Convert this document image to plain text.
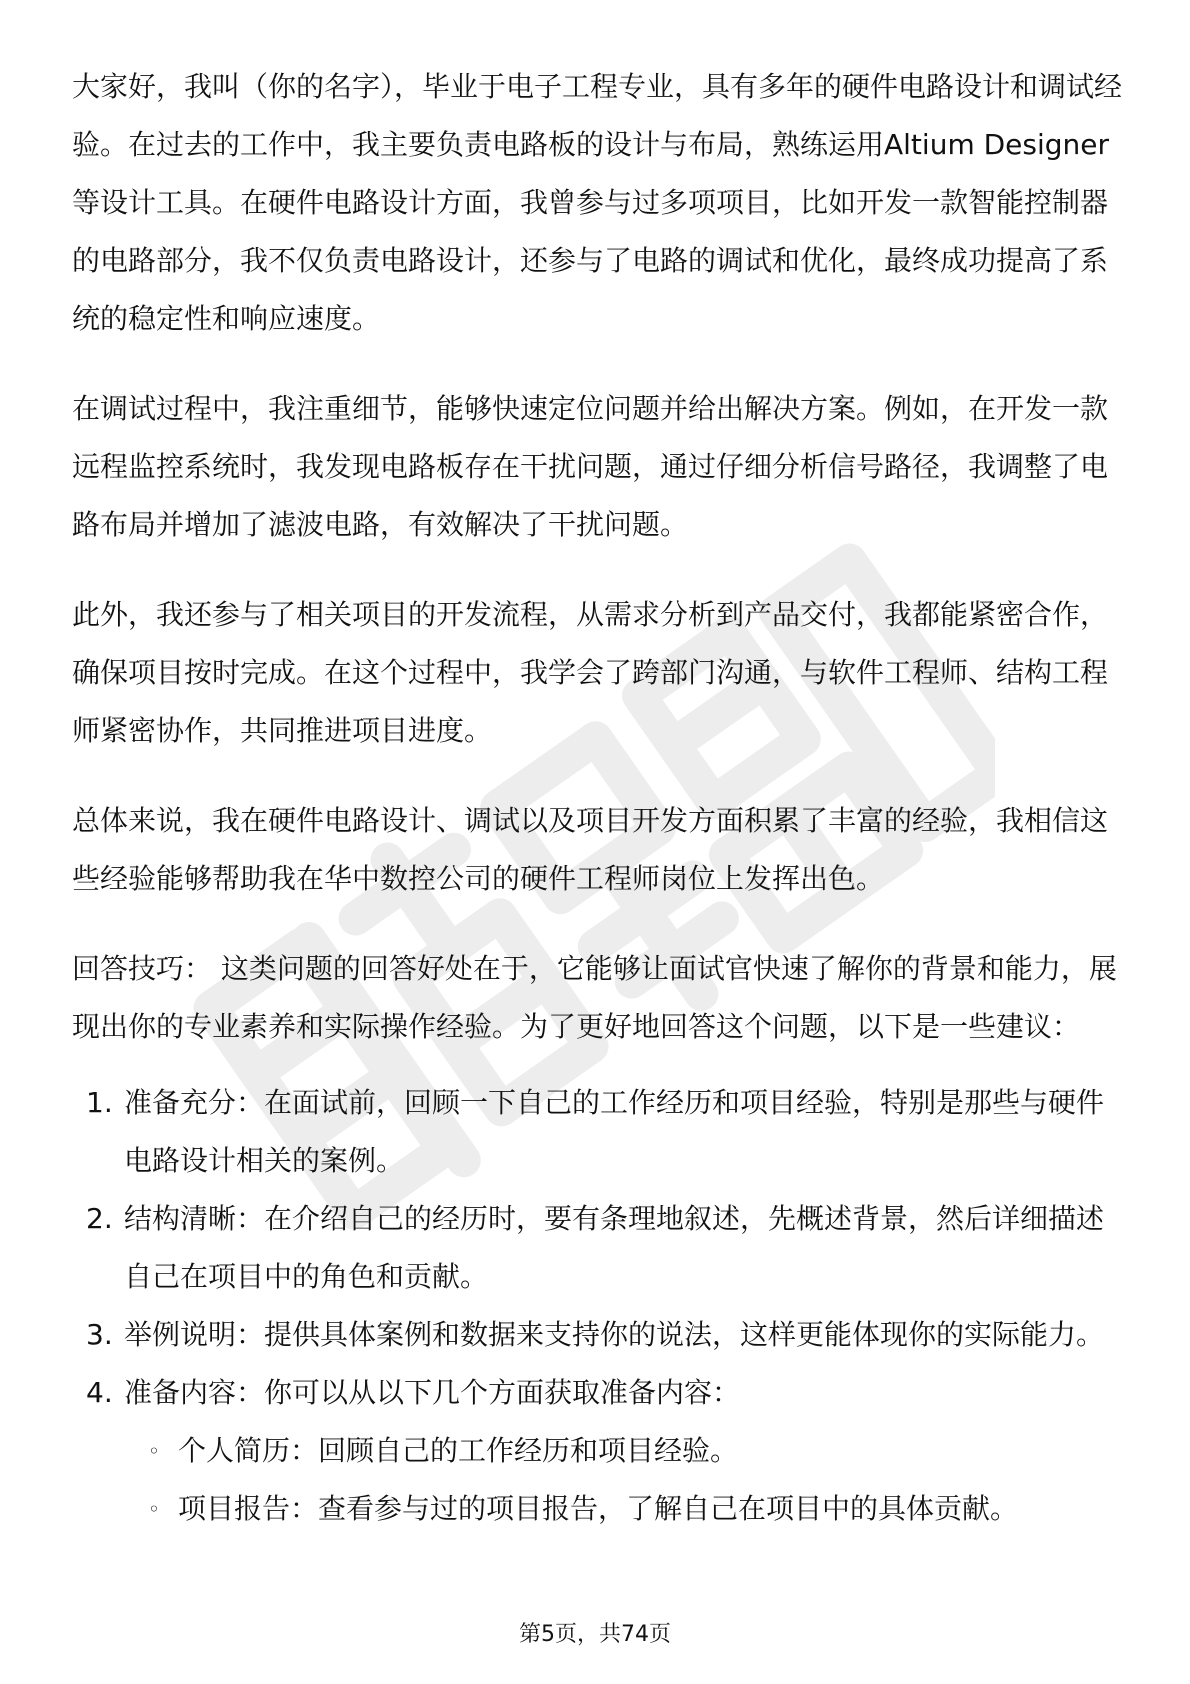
大家好，我叫（你的名字），毕业于电子工程专业，具有多年的硬件电路设计和调试经验。在过去的工作中，我主要负责电路板的设计与布局，熟练运用Altium Designer等设计工具。在硬件电路设计方面，我曾参与过多项项目，比如开发一款智能控制器的电路部分，我不仅负责电路设计，还参与了电路的调试和优化，最终成功提高了系统的稳定性和响应速度。

在调试过程中，我注重细节，能够快速定位问题并给出解决方案。例如，在开发一款远程监控系统时，我发现电路板存在干扰问题，通过仔细分析信号路径，我调整了电路布局并增加了滤波电路，有效解决了干扰问题。

此外，我还参与了相关项目的开发流程，从需求分析到产品交付，我都能紧密合作，确保项目按时完成。在这个过程中，我学会了跨部门沟通，与软件工程师、结构工程师紧密协作，共同推进项目进度。

总体来说，我在硬件电路设计、调试以及项目开发方面积累了丰富的经验，我相信这些经验能够帮助我在华中数控公司的硬件工程师岗位上发挥出色。

回答技巧： 这类问题的回答好处在于，它能够让面试官快速了解你的背景和能力，展现出你的专业素养和实际操作经验。为了更好地回答这个问题，以下是一些建议：

1. 准备充分：在面试前，回顾一下自己的工作经历和项目经验，特别是那些与硬件电路设计相关的案例。
2. 结构清晰：在介绍自己的经历时，要有条理地叙述，先概述背景，然后详细描述自己在项目中的角色和贡献。
3. 举例说明：提供具体案例和数据来支持你的说法，这样更能体现你的实际能力。
4. 准备内容：你可以从以下几个方面获取准备内容：
◦ 个人简历：回顾自己的工作经历和项目经验。
◦ 项目报告：查看参与过的项目报告，了解自己在项目中的具体贡献。
第5页，共74页
